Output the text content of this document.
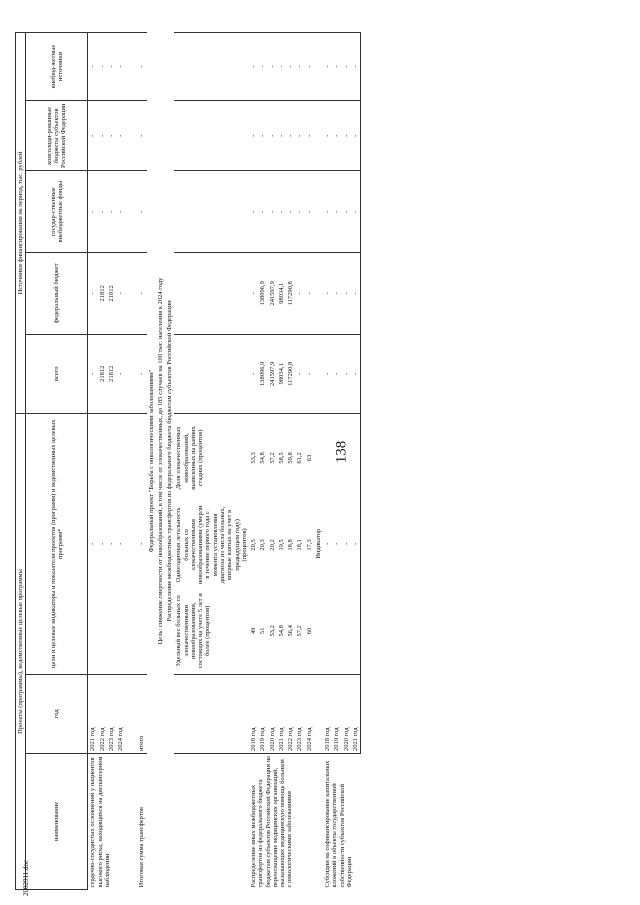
138
Проекты (программы), ведомственные целевые программы					Источники финансирования на период, тыс. рублей				
наименование	год	цели и целевые индикаторы и показатели проектов (программ) и ведомственных целевых программ*			всего	федеральный бюджет	государ-ственные внебюджетные фонды	консолиди-рованные бюджеты субъектов Российской Федерации	внебюд-жетные источники
сердечно-сосудистых осложнений у пациентов высокого риска, находящихся на диспансерном наблюдении	2021 год	-			-	-	-	-	-
	2022 год	-			21812	21812	-	-	-
	2023 год	-			21812	21812	-	-	-
	2024 год	-			-	-	-	-	-

Итоговая сумма трансфертов	итого	-			-	-	-	-	-
Федеральный проект "Борьба с онкологическими заболеваниями"									
Цель: снижение смертности от новообразований, в том числе от злокачественных, до 185 случаев на 100 тыс. населения к 2024 году									
Распределение межбюджетных трансфертов из федерального бюджета бюджетам субъектов Российской Федерации									
		Удельный вес больных со злокачественными новообразованиями, состоящих на учете 5 лет и более (процентов)	Одногодичная летальность больных со злокачественными новообразованиями (умерли в течение первого года с момента установления диагноза из числа больных, впервые взятых на учет в предыдущем году) (процентов)	Доля злокачественных новообразований, выявленных на ранних стадиях (процентов)					
Распределение иных межбюджетных трансфертов из федерального бюджета бюджетам субъектов Российской Федерации на переоснащение медицинских организаций, оказывающих медицинскую помощь больным с онкологическими заболеваниями	2018 год	49	20,5	53,3	-	-	-	-	-
	2019 год	51	20,3	54,8	138096,9	138096,9	-	-	-
	2020 год	53,2	20,2	57,2	241597,9	241597,9	-	-	-
	2021 год	54,8	19,5	58,5	98034,1	98034,1	-	-	-
	2022 год	56,4	18,8	59,8	117290,8	117290,8	-	-	-
	2023 год	57,2	18,1	61,2	-	-	-	-	-
	2024 год	60	17,3	63	-	-	-	-	-
		Индикатор							
Субсидии на софинансирование капитальных вложений в объекты государственной собственности субъектов Российской Федерации	2018 год	-			-	-	-	-	-
	2019 год	-			-	-	-	-	-
	2020 год	-			-	-	-	-	-
	2021 год	-			-	-	-	-	-
2002911.doc
